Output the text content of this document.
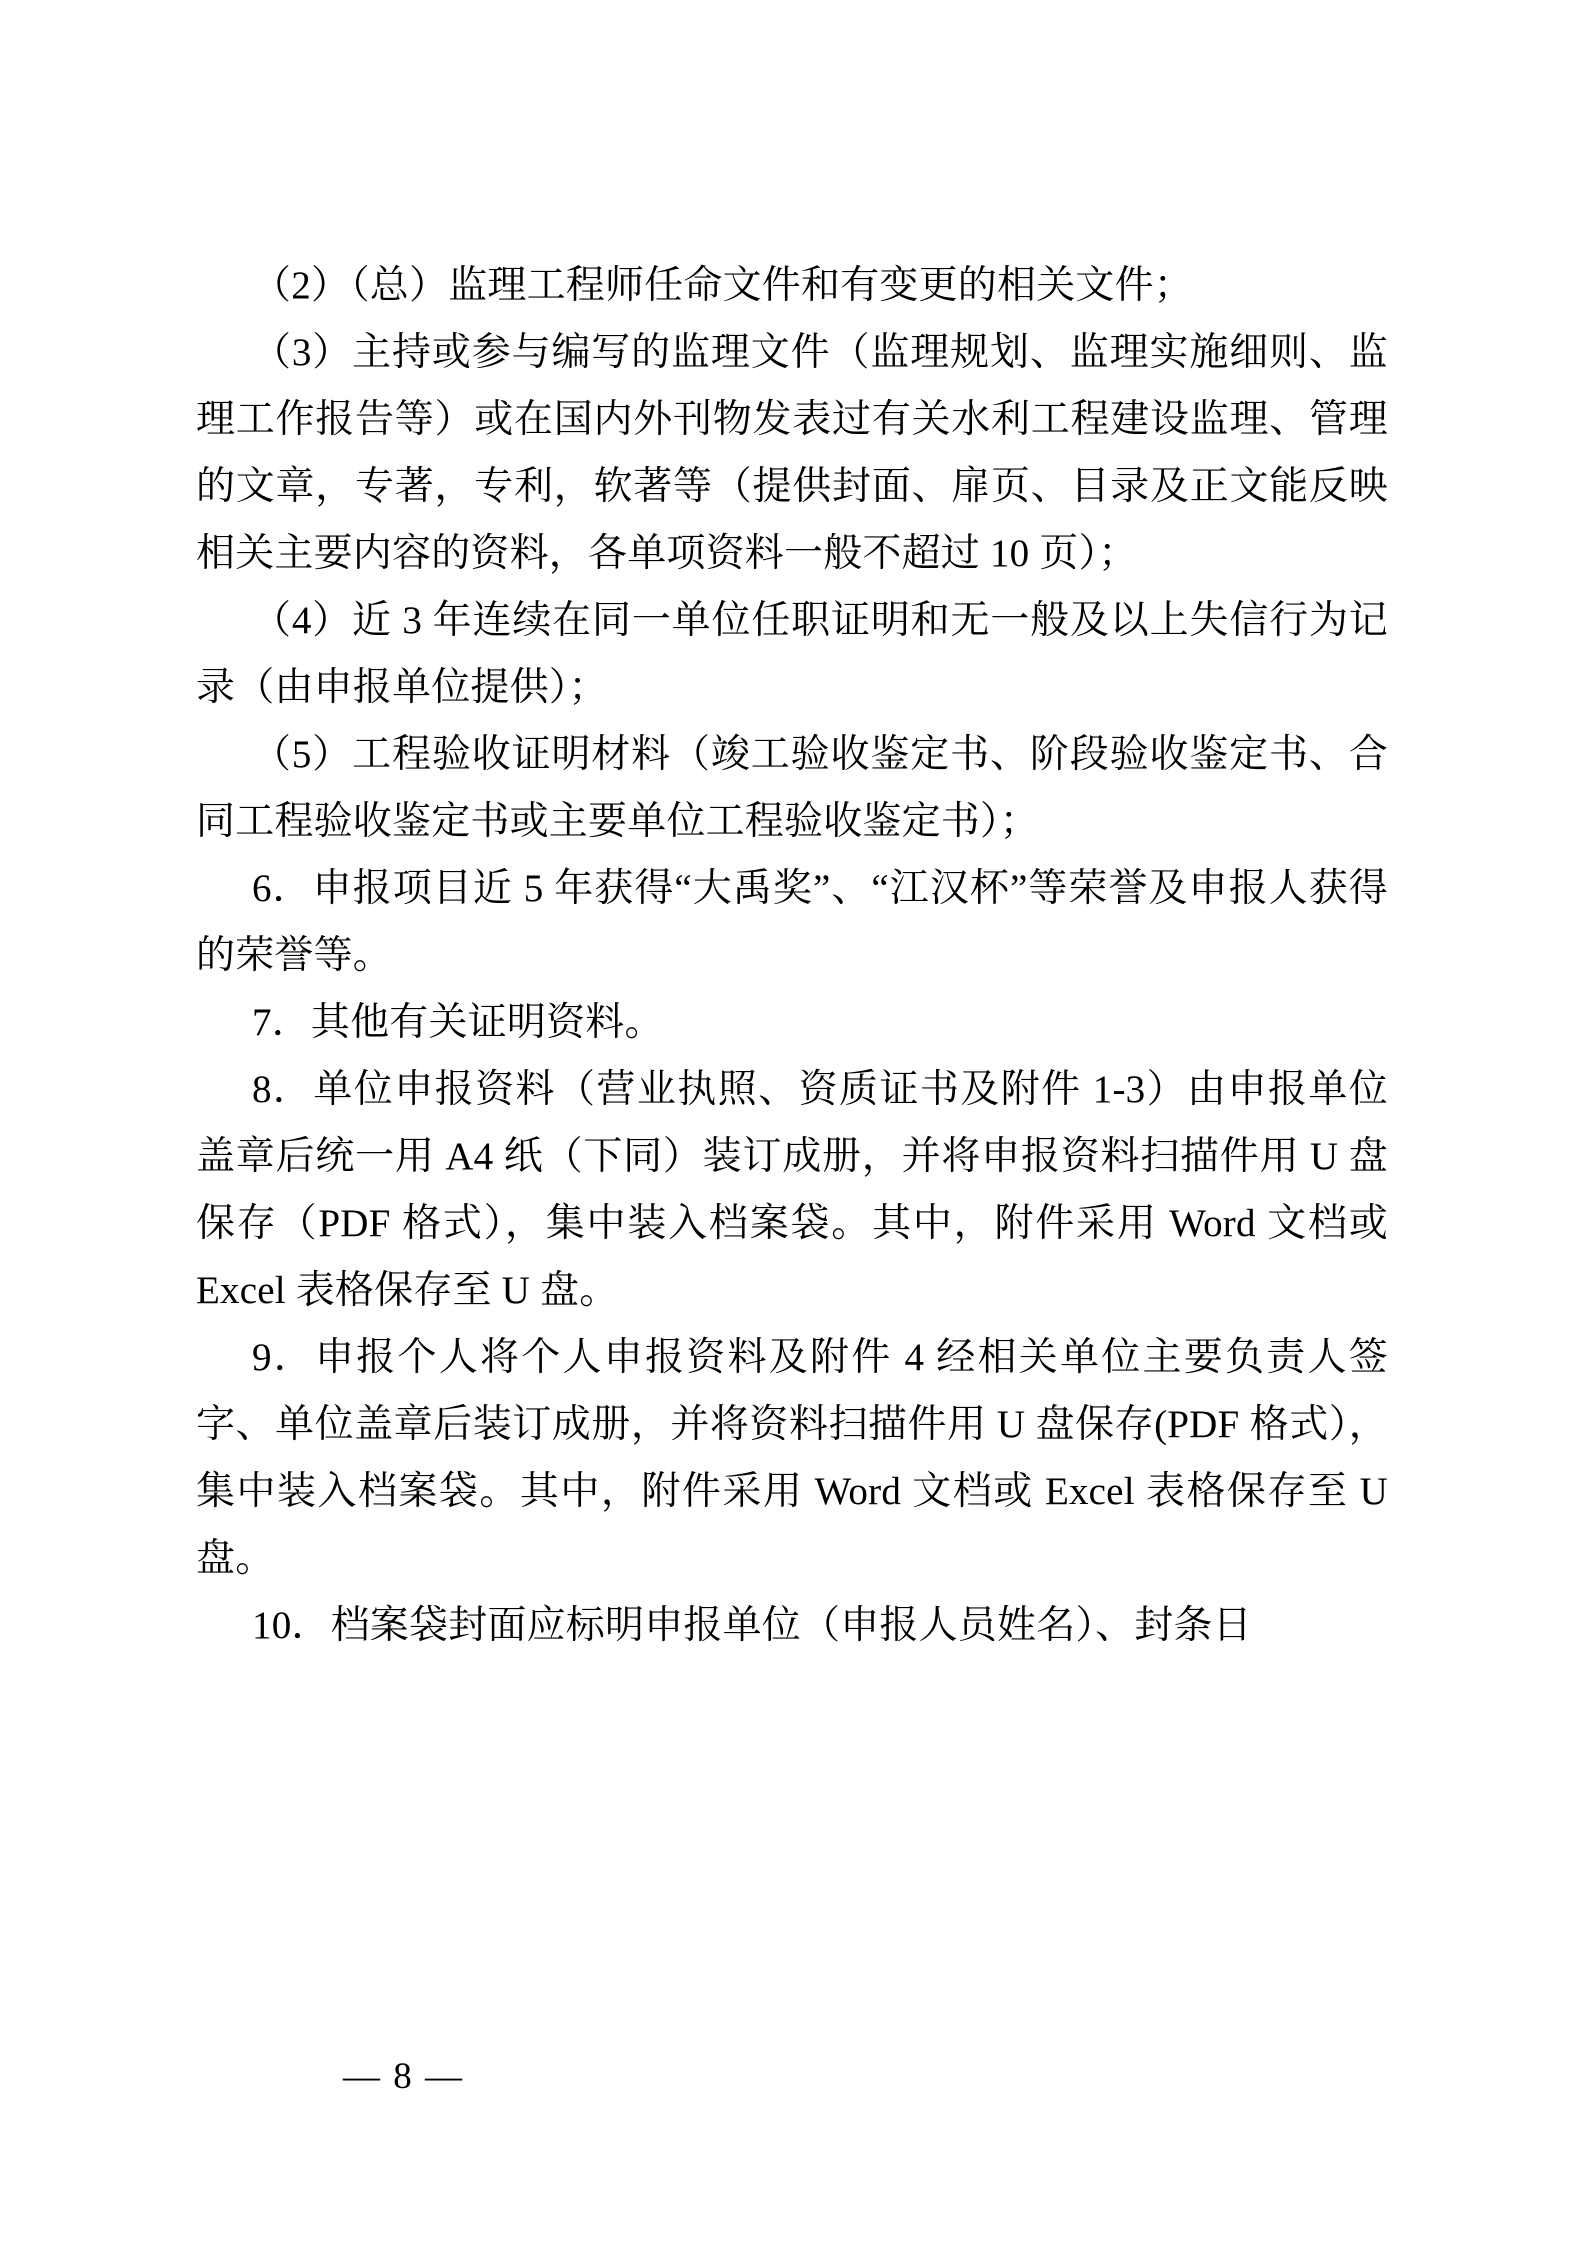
（2）（总）监理工程师任命文件和有变更的相关文件；

（3）主持或参与编写的监理文件（监理规划、监理实施细则、监理工作报告等）或在国内外刊物发表过有关水利工程建设监理、管理的文章，专著，专利，软著等（提供封面、扉页、目录及正文能反映相关主要内容的资料，各单项资料一般不超过 10 页）；

（4）近 3 年连续在同一单位任职证明和无一般及以上失信行为记录（由申报单位提供）；

（5）工程验收证明材料（竣工验收鉴定书、阶段验收鉴定书、合同工程验收鉴定书或主要单位工程验收鉴定书）；

6．申报项目近 5 年获得“大禹奖”、“江汉杯”等荣誉及申报人获得的荣誉等。

7．其他有关证明资料。

8．单位申报资料（营业执照、资质证书及附件 1-3）由申报单位盖章后统一用 A4 纸（下同）装订成册，并将申报资料扫描件用 U 盘保存（PDF 格式），集中装入档案袋。其中，附件采用 Word 文档或 Excel 表格保存至 U 盘。

9．申报个人将个人申报资料及附件 4 经相关单位主要负责人签字、单位盖章后装订成册，并将资料扫描件用 U 盘保存(PDF 格式），集中装入档案袋。其中，附件采用 Word 文档或 Excel 表格保存至 U 盘。

10．档案袋封面应标明申报单位（申报人员姓名）、封条日

— 8 —
